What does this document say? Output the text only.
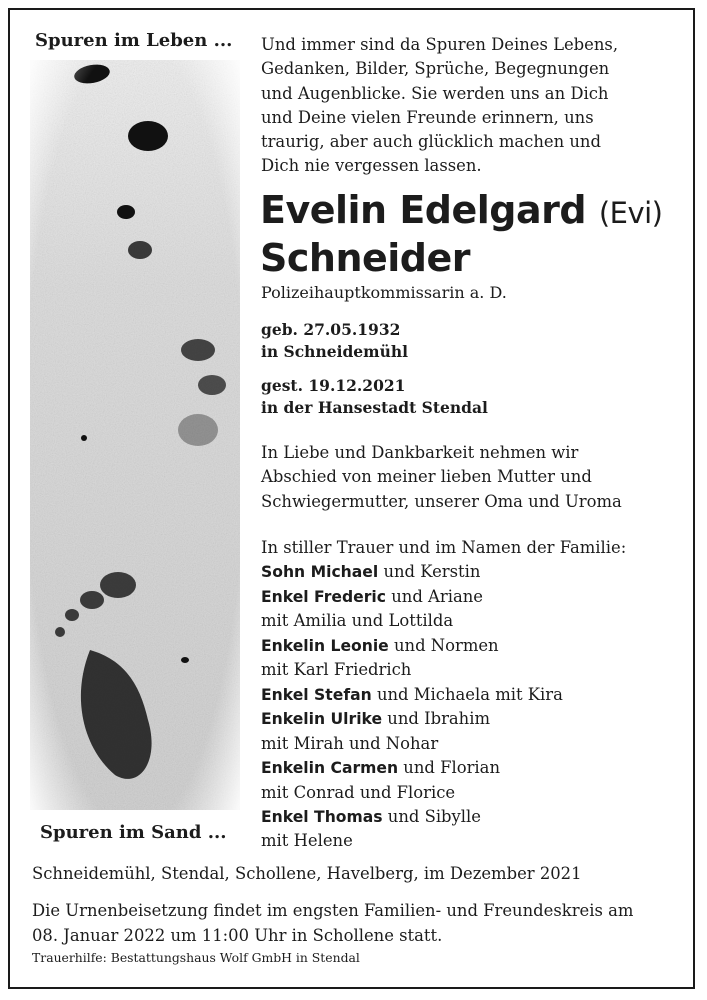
Spuren im Leben ...
Spuren im Sand ...
Und immer sind da Spuren Deines Lebens,
Gedanken, Bilder, Sprüche, Begegnungen
und Augenblicke. Sie werden uns an Dich
und Deine vielen Freunde erinnern, uns
traurig, aber auch glücklich machen und
Dich nie vergessen lassen.
Evelin Edelgard (Evi)
Schneider
Polizeihauptkommissarin a. D.
geb. 27.05.1932
in Schneidemühl
gest. 19.12.2021
in der Hansestadt Stendal
In Liebe und Dankbarkeit nehmen wir
Abschied von meiner lieben Mutter und
Schwiegermutter, unserer Oma und Uroma
In stiller Trauer und im Namen der Familie:
Sohn Michael und Kerstin
Enkel Frederic und Ariane
mit Amilia und Lottilda
Enkelin Leonie und Normen
mit Karl Friedrich
Enkel Stefan und Michaela mit Kira
Enkelin Ulrike und Ibrahim
mit Mirah und Nohar
Enkelin Carmen und Florian
mit Conrad und Florice
Enkel Thomas und Sibylle
mit Helene
Schneidemühl, Stendal, Schollene, Havelberg, im Dezember 2021
Die Urnenbeisetzung findet im engsten Familien- und Freundeskreis am
08. Januar 2022 um 11:00 Uhr in Schollene statt.
Trauerhilfe: Bestattungshaus Wolf GmbH in Stendal
